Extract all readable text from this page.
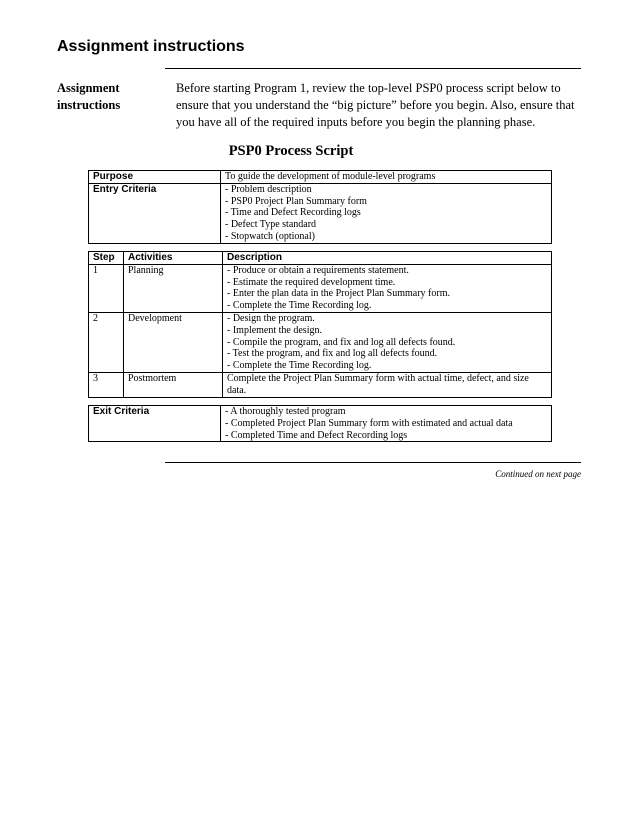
Assignment instructions
Assignment
instructions
Before starting Program 1, review the top-level PSP0 process script below to
ensure that you understand the “big picture” before you begin. Also, ensure that
you have all of the required inputs before you begin the planning phase.
PSP0 Process Script
Purpose	To guide the development of module-level programs
Entry Criteria	- Problem description
- PSP0 Project Plan Summary form
- Time and Defect Recording logs
- Defect Type standard
- Stopwatch (optional)
Step	Activities	Description
1	Planning	- Produce or obtain a requirements statement.
- Estimate the required development time.
- Enter the plan data in the Project Plan Summary form.
- Complete the Time Recording log.

2	Development	- Design the program.
- Implement the design.
- Compile the program, and fix and log all defects found.
- Test the program, and fix and log all defects found.
- Complete the Time Recording log.

3	Postmortem	Complete the Project Plan Summary form with actual time, defect, and size
data.
Exit Criteria	- A thoroughly tested program
- Completed Project Plan Summary form with estimated and actual data
- Completed Time and Defect Recording logs
Continued on next page
